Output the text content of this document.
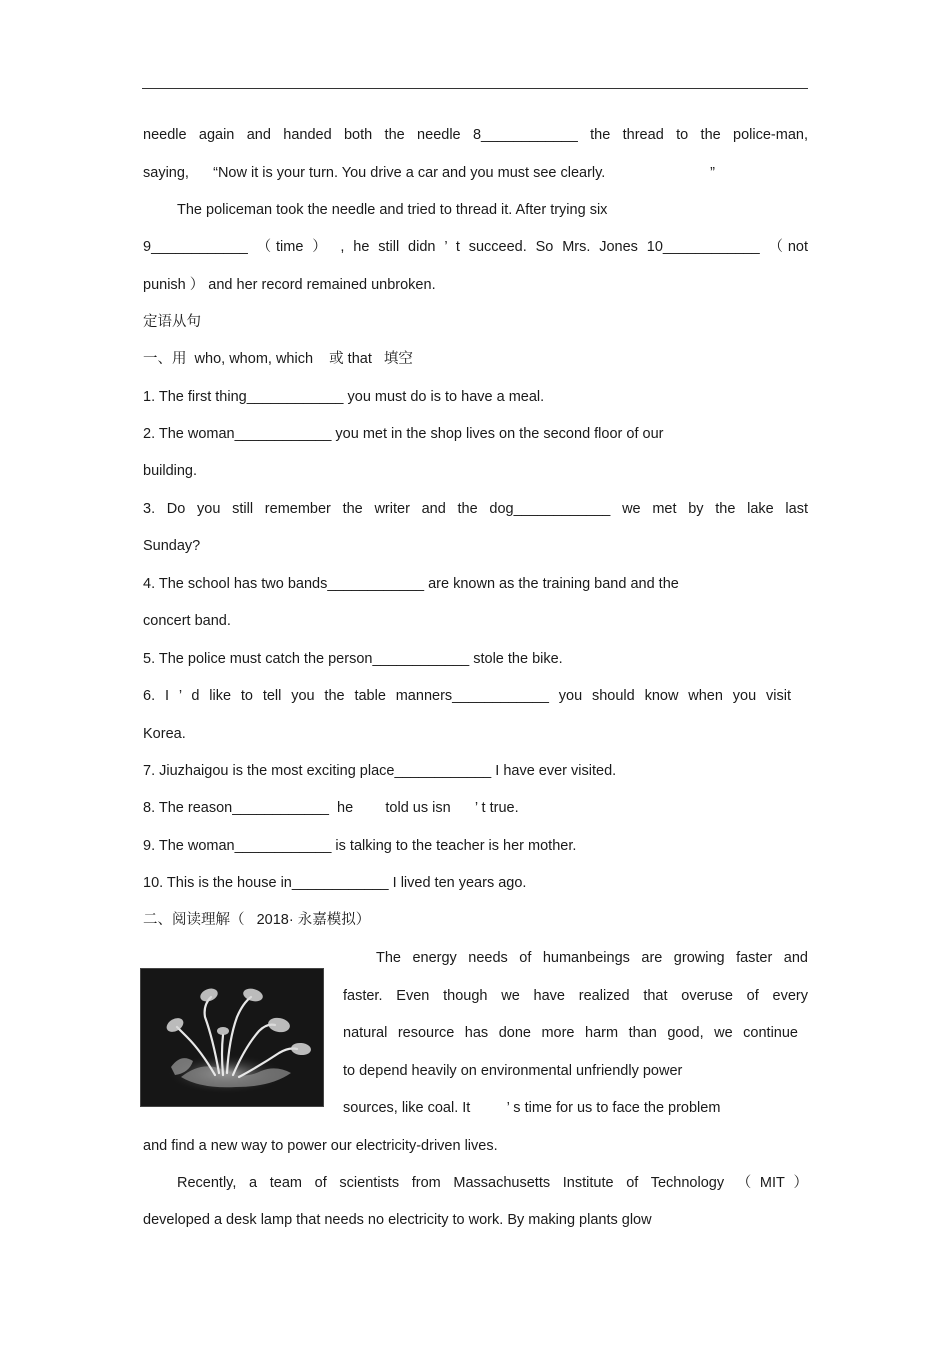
needle again and handed both the needle 8____________ the thread to the police-man,
saying,      “Now it is your turn. You drive a car and you must see clearly.                          ”
The policeman took the needle and tried to thread it. After trying six
9____________ （time ） , he still didn ’ t succeed. So Mrs. Jones 10____________ （not
punish ） and her record remained unbroken.
定语从句
一、用  who, whom, which    或 that   填空
1. The first thing____________ you must do is to have a meal.
2. The woman____________ you met in the shop lives on the second floor of our
building.
3. Do you still remember the writer and the dog____________ we met by the lake last
Sunday?
4. The school has two bands____________ are known as the training band and the
concert band.
5. The police must catch the person____________ stole the bike.
6. I ’ d like to tell you the table manners____________ you should know when you visit
Korea.
7. Jiuzhaigou is the most exciting place____________ I have ever visited.
8. The reason____________  he        told us isn      ’ t true.
9. The woman____________ is talking to the teacher is her mother.
10. This is the house in____________ I lived ten years ago.
二、阅读理解（   2018· 永嘉模拟）
The energy needs of humanbeings are growing faster and
faster. Even though we have realized that overuse of every
natural resource has done more harm than good, we continue
to depend heavily on environmental unfriendly power
sources, like coal. It         ’ s time for us to face the problem
and find a new way to power our electricity-driven lives.
Recently, a team of scientists from Massachusetts Institute of Technology （MIT）
developed a desk lamp that needs no electricity to work. By making plants glow
